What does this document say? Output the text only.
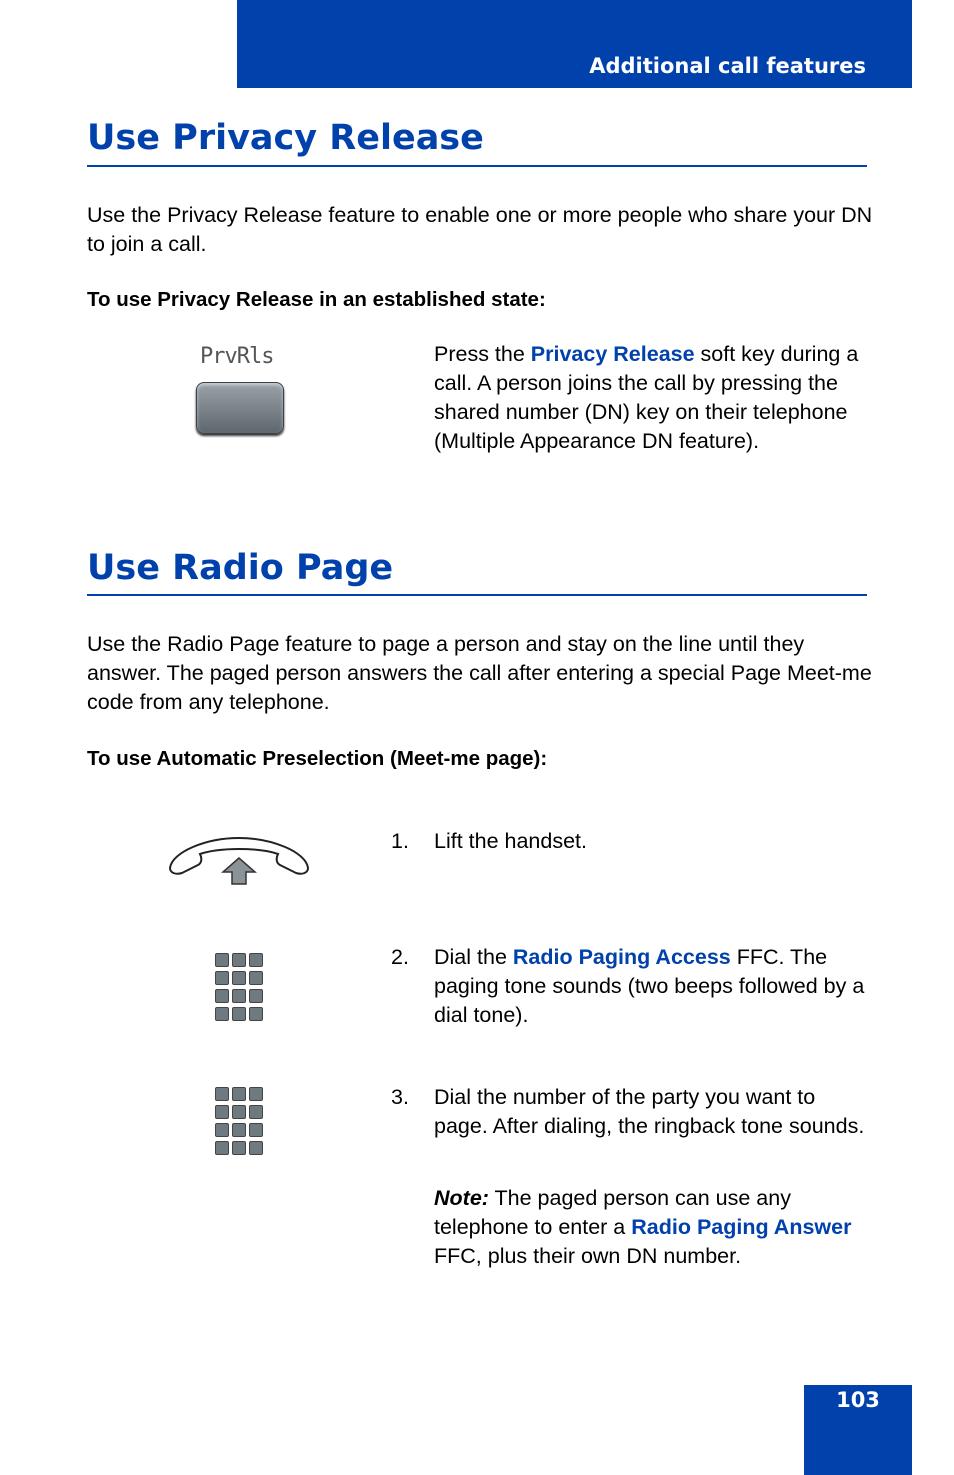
Additional call features
Use Privacy Release
Use the Privacy Release feature to enable one or more people who share your DN to join a call.
To use Privacy Release in an established state:
PrvRls	Press the Privacy Release soft key during a call. A person joins the call by pressing the shared number (DN) key on their telephone (Multiple Appearance DN feature).
Use Radio Page
Use the Radio Page feature to page a person and stay on the line until they answer. The paged person answers the call after entering a special Page Meet-me code from any telephone.
To use Automatic Preselection (Meet-me page):
1. Lift the handset.
2. Dial the Radio Paging Access FFC. The paging tone sounds (two beeps followed by a dial tone).
3. Dial the number of the party you want to page. After dialing, the ringback tone sounds.
Note: The paged person can use any telephone to enter a Radio Paging Answer FFC, plus their own DN number.
103
